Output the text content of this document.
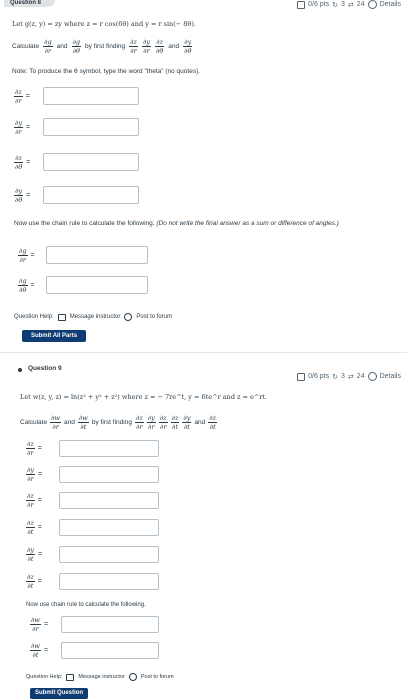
Question 8	0/6 pts ↻ 3 ⇄ 24 Details
Let g(z, y) = zy where z = r cos(6θ) and y = r sin(− 8θ).
Calculate $\frac{\partial g}{\partial r}$ and $\frac{\partial g}{\partial\theta}$ by first finding $\frac{\partial z}{\partial r} \frac{\partial y}{\partial r} \frac{\partial z}{\partial\theta}$ and $\frac{\partial y}{\partial\theta}$
Note: To produce the θ symbol, type the word "theta" (no quotes).
$\frac{\partial z}{\partial r}$ =
$\frac{\partial y}{\partial r}$ =
$\frac{\partial z}{\partial\theta}$ =
$\frac{\partial y}{\partial\theta}$ =
Now use the chain rule to calculate the following. (Do not write the final answer as a sum or difference of angles.)
$\frac{\partial g}{\partial r}$ =
$\frac{\partial g}{\partial\theta}$ =
Question Help:	Message instructor	Post to forum
Submit All Parts
Question 9
0/6 pts ↻ 3 ⇄ 24 Details
Let w(z, y, z) = ln(z² + y² + z²) where z = − 7re^t, y = 6te^r and z = e^rt.
Calculate $\frac{\partial w}{\partial r}$ and $\frac{\partial w}{\partial t}$ by first finding $\frac{\partial z}{\partial r} \frac{\partial y}{\partial r} \frac{\partial z}{\partial r} \frac{\partial z}{\partial t} \frac{\partial y}{\partial t}$ and $\frac{\partial z}{\partial t}$
$\frac{\partial z}{\partial r}$ =
$\frac{\partial y}{\partial r}$ =
$\frac{\partial z}{\partial r}$ =
$\frac{\partial z}{\partial t}$ =
$\frac{\partial y}{\partial t}$ =
$\frac{\partial z}{\partial t}$ =
Now use chain rule to calculate the following.
$\frac{\partial w}{\partial r}$ =
$\frac{\partial w}{\partial t}$ =
Question Help:	Message instructor	Post to forum
Submit Question
